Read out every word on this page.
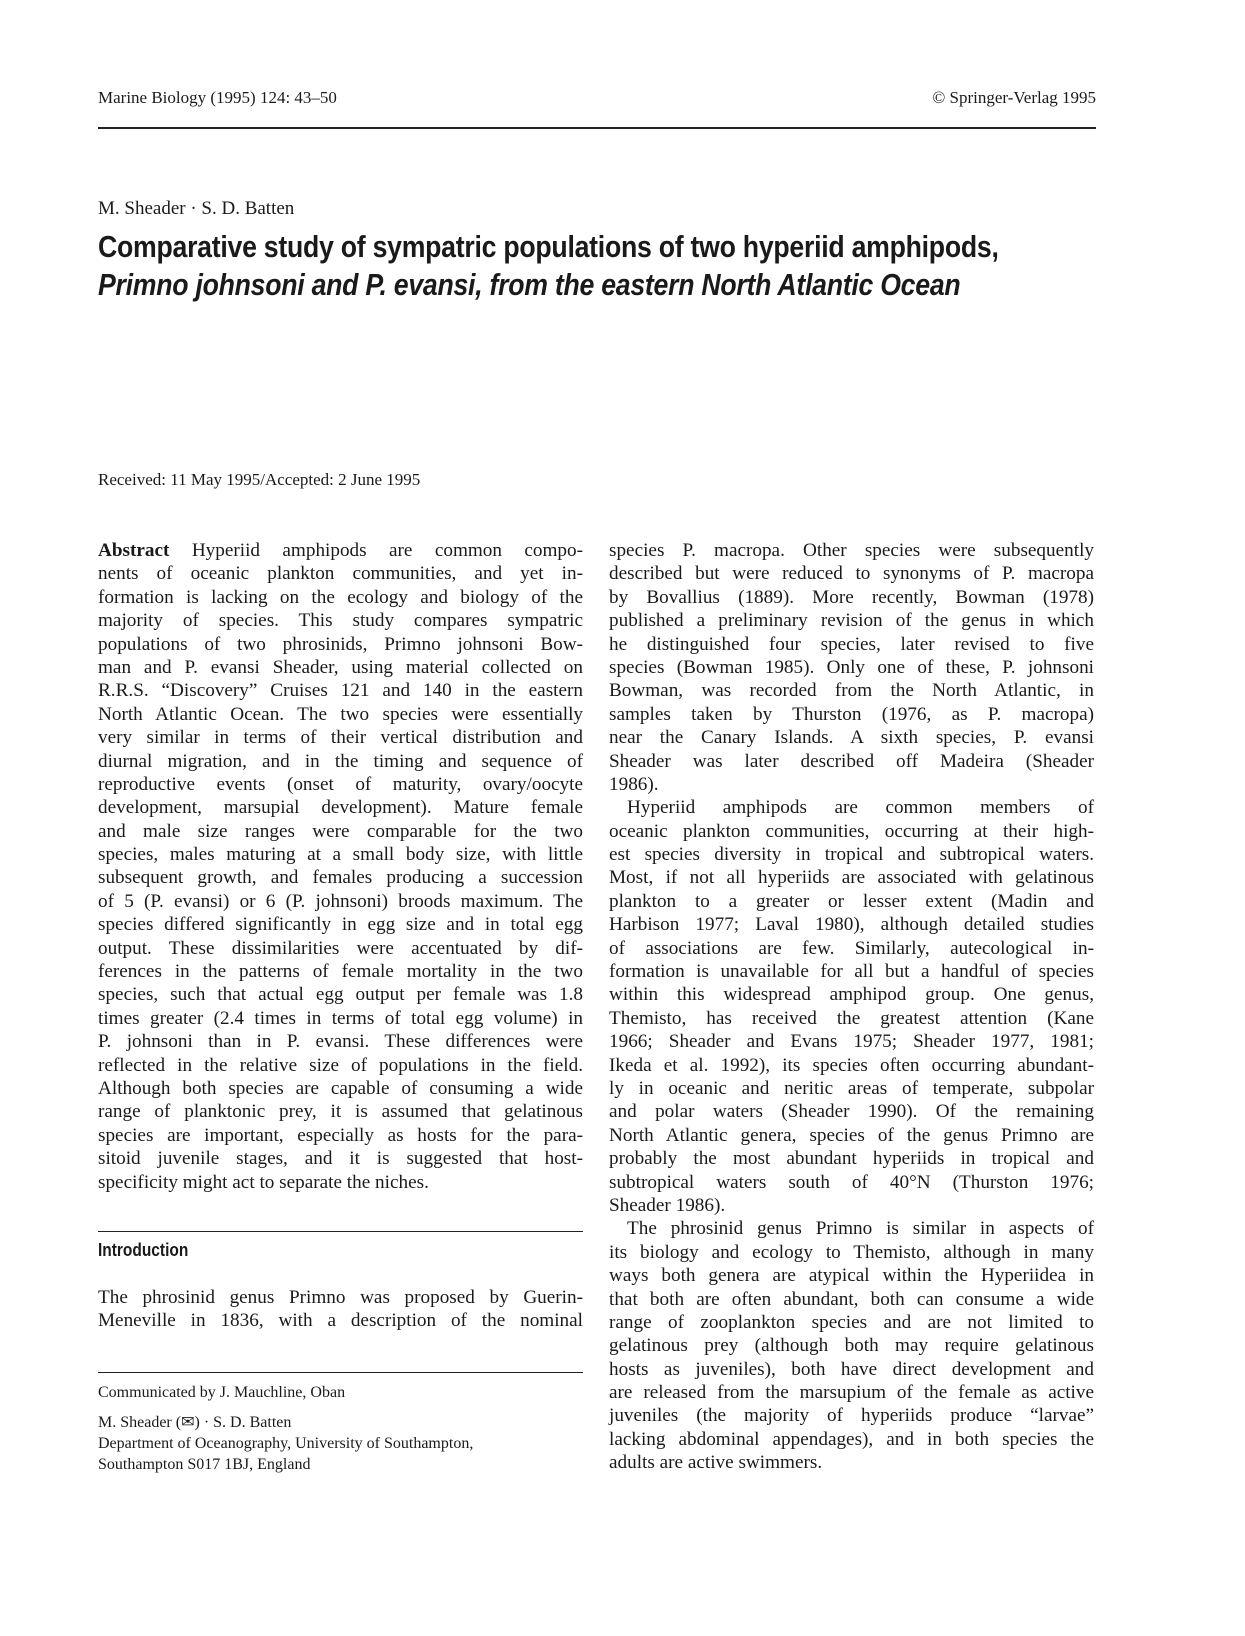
Marine Biology (1995) 124: 43–50	© Springer-Verlag 1995
M. Sheader · S. D. Batten
Comparative study of sympatric populations of two hyperiid amphipods,
Primno johnsoni and P. evansi, from the eastern North Atlantic Ocean
Received: 11 May 1995/Accepted: 2 June 1995
Abstract Hyperiid amphipods are common compo-
nents of oceanic plankton communities, and yet in-
formation is lacking on the ecology and biology of the
majority of species. This study compares sympatric
populations of two phrosinids, Primno johnsoni Bow-
man and P. evansi Sheader, using material collected on
R.R.S. “Discovery” Cruises 121 and 140 in the eastern
North Atlantic Ocean. The two species were essentially
very similar in terms of their vertical distribution and
diurnal migration, and in the timing and sequence of
reproductive events (onset of maturity, ovary/oocyte
development, marsupial development). Mature female
and male size ranges were comparable for the two
species, males maturing at a small body size, with little
subsequent growth, and females producing a succession
of 5 (P. evansi) or 6 (P. johnsoni) broods maximum. The
species differed significantly in egg size and in total egg
output. These dissimilarities were accentuated by dif-
ferences in the patterns of female mortality in the two
species, such that actual egg output per female was 1.8
times greater (2.4 times in terms of total egg volume) in
P. johnsoni than in P. evansi. These differences were
reflected in the relative size of populations in the field.
Although both species are capable of consuming a wide
range of planktonic prey, it is assumed that gelatinous
species are important, especially as hosts for the para-
sitoid juvenile stages, and it is suggested that host-
specificity might act to separate the niches.
Introduction
The phrosinid genus Primno was proposed by Guerin-
Meneville in 1836, with a description of the nominal
Communicated by J. Mauchline, Oban
M. Sheader (✉) · S. D. Batten
Department of Oceanography, University of Southampton,
Southampton S017 1BJ, England
species P. macropa. Other species were subsequently
described but were reduced to synonyms of P. macropa
by Bovallius (1889). More recently, Bowman (1978)
published a preliminary revision of the genus in which
he distinguished four species, later revised to five
species (Bowman 1985). Only one of these, P. johnsoni
Bowman, was recorded from the North Atlantic, in
samples taken by Thurston (1976, as P. macropa)
near the Canary Islands. A sixth species, P. evansi
Sheader was later described off Madeira (Sheader
1986).
Hyperiid amphipods are common members of
oceanic plankton communities, occurring at their high-
est species diversity in tropical and subtropical waters.
Most, if not all hyperiids are associated with gelatinous
plankton to a greater or lesser extent (Madin and
Harbison 1977; Laval 1980), although detailed studies
of associations are few. Similarly, autecological in-
formation is unavailable for all but a handful of species
within this widespread amphipod group. One genus,
Themisto, has received the greatest attention (Kane
1966; Sheader and Evans 1975; Sheader 1977, 1981;
Ikeda et al. 1992), its species often occurring abundant-
ly in oceanic and neritic areas of temperate, subpolar
and polar waters (Sheader 1990). Of the remaining
North Atlantic genera, species of the genus Primno are
probably the most abundant hyperiids in tropical and
subtropical waters south of 40°N (Thurston 1976;
Sheader 1986).
The phrosinid genus Primno is similar in aspects of
its biology and ecology to Themisto, although in many
ways both genera are atypical within the Hyperiidea in
that both are often abundant, both can consume a wide
range of zooplankton species and are not limited to
gelatinous prey (although both may require gelatinous
hosts as juveniles), both have direct development and
are released from the marsupium of the female as active
juveniles (the majority of hyperiids produce “larvae”
lacking abdominal appendages), and in both species the
adults are active swimmers.
